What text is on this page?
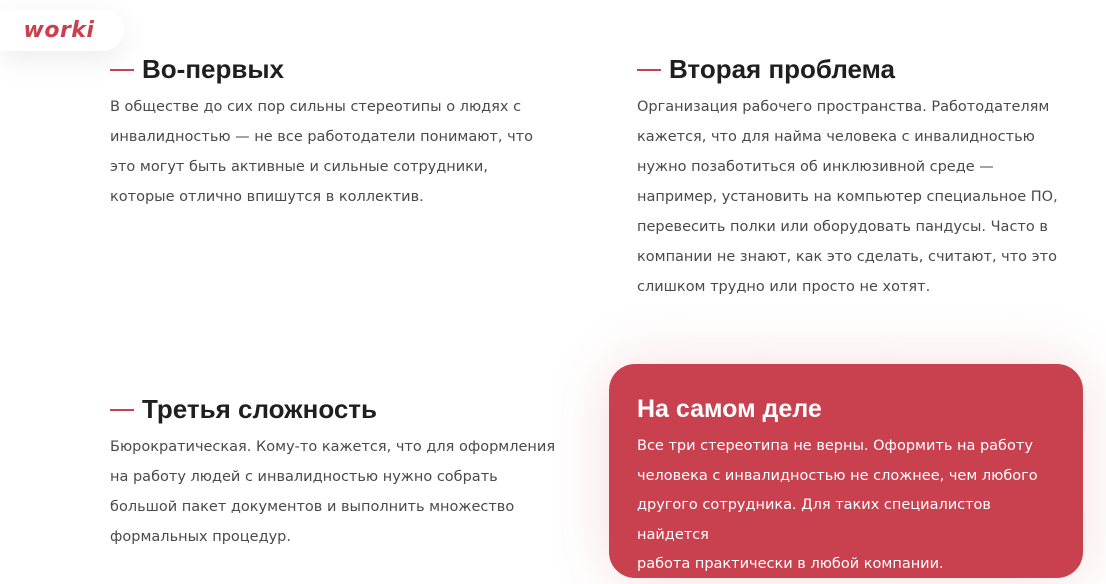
worki
Во-первых

В обществе до сих пор сильны стереотипы о людях с
инвалидностью — не все работодатели понимают, что
это могут быть активные и сильные сотрудники,
которые отлично впишутся в коллектив.

Вторая проблема

Организация рабочего пространства. Работодателям
кажется, что для найма человека с инвалидностью
нужно позаботиться об инклюзивной среде —
например, установить на компьютер специальное ПО,
перевесить полки или оборудовать пандусы. Часто в
компании не знают, как это сделать, считают, что это
слишком трудно или просто не хотят.

Третья сложность

Бюрократическая. Кому-то кажется, что для оформления
на работу людей с инвалидностью нужно собрать
большой пакет документов и выполнить множество
формальных процедур.

На самом деле

Все три стереотипа не верны. Оформить на работу
человека с инвалидностью не сложнее, чем любого
другого сотрудника. Для таких специалистов найдется
работа практически в любой компании.
